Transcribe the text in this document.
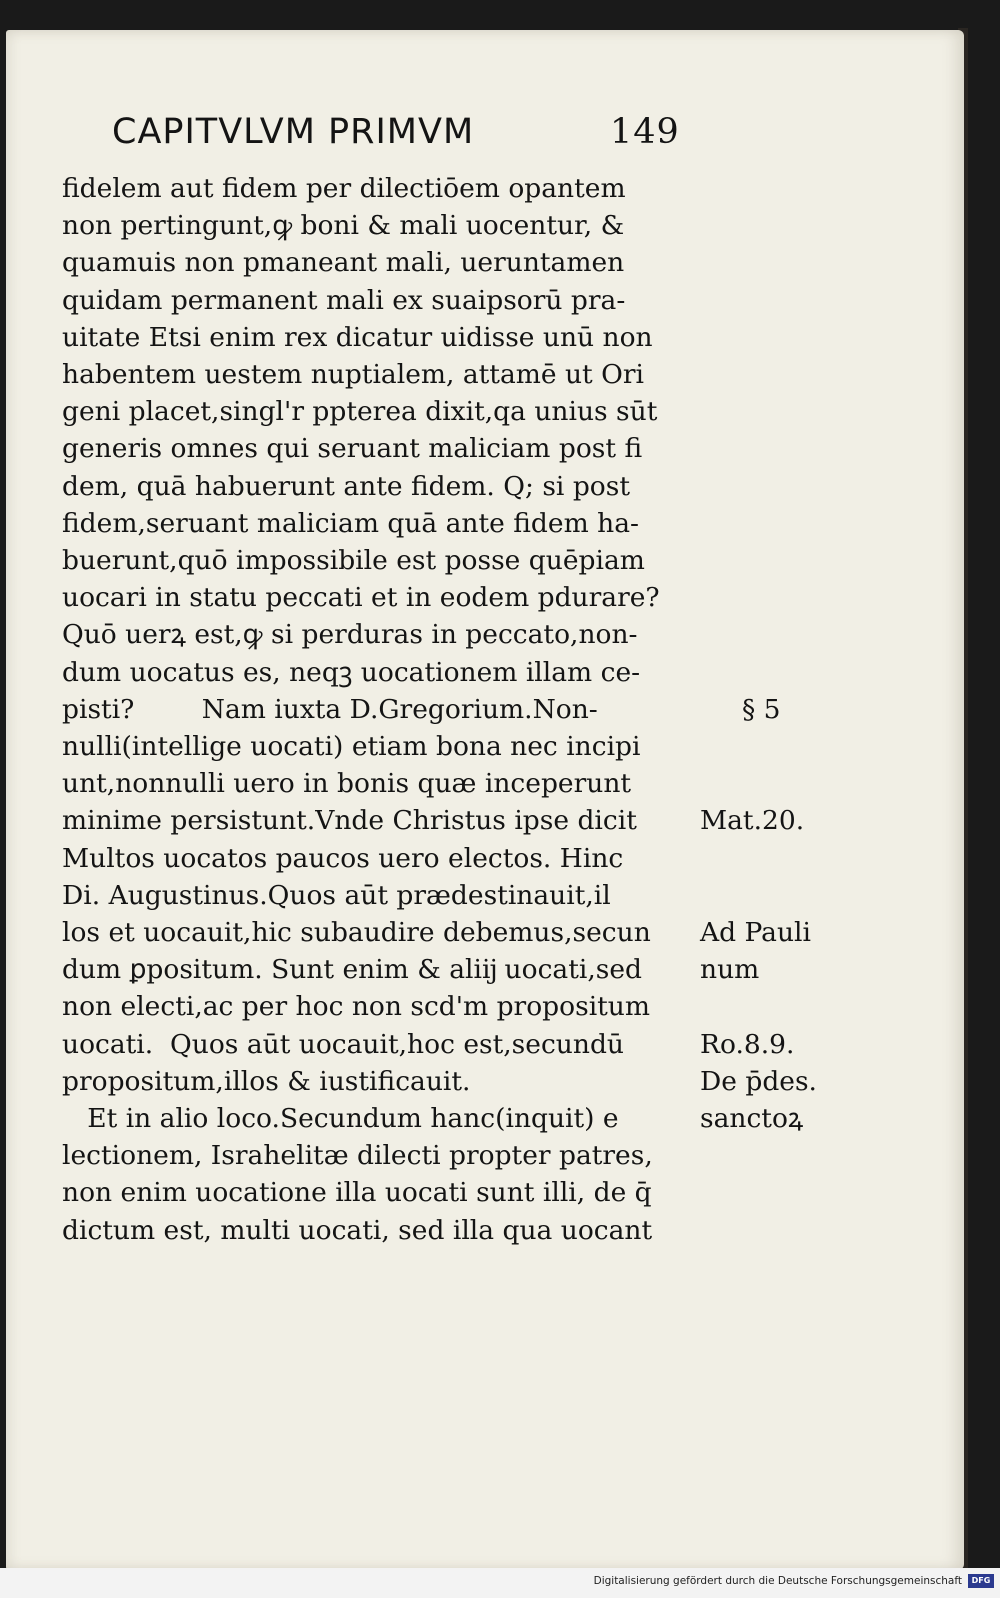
CAPITVLVM PRIMVM	149
fidelem aut fidem per dilectiōem opantem
non pertingunt,ꝙ boni & mali uocentur, &
quamuis non pmaneant mali, ueruntamen
quidam permanent mali ex suaipsorū pra-
uitate Etsi enim rex dicatur uidisse unū non
habentem uestem nuptialem, attamē ut Ori
geni placet,singl'r ppterea dixit,qa unius sūt
generis omnes qui seruant maliciam post fi
dem, quā habuerunt ante fidem. Q; si post
fidem,seruant maliciam quā ante fidem ha-
buerunt,quō impossibile est posse quēpiam
uocari in statu peccati et in eodem pdurare?
Quō uerꝝ est,ꝙ si perduras in peccato,non-
dum uocatus es, neqꝫ uocationem illam ce-
pisti?        Nam iuxta D.Gregorium.Non-
nulli(intellige uocati) etiam bona nec incipi
unt,nonnulli uero in bonis quæ inceperunt
minime persistunt.Vnde Christus ipse dicit
Multos uocatos paucos uero electos. Hinc
Di. Augustinus.Quos aūt prædestinauit,il
los et uocauit,hic subaudire debemus,secun
dum ꝑpositum. Sunt enim & aliĳ uocati,sed
non electi,ac per hoc non scd'm propositum
uocati.  Quos aūt uocauit,hoc est,secundū
propositum,illos & iustificauit.
Et in alio loco.Secundum hanc(inquit) e
lectionem, Israhelitæ dilecti propter patres,
non enim uocatione illa uocati sunt illi, de q̄
dictum est, multi uocati, sed illa qua uocant
§ 5
Mat.20.
Ad Pauli
num
Ro.8.9.
De p̄des.
sanctoꝝ
Digitalisierung gefördert durch die Deutsche Forschungsgemeinschaft	DFG
